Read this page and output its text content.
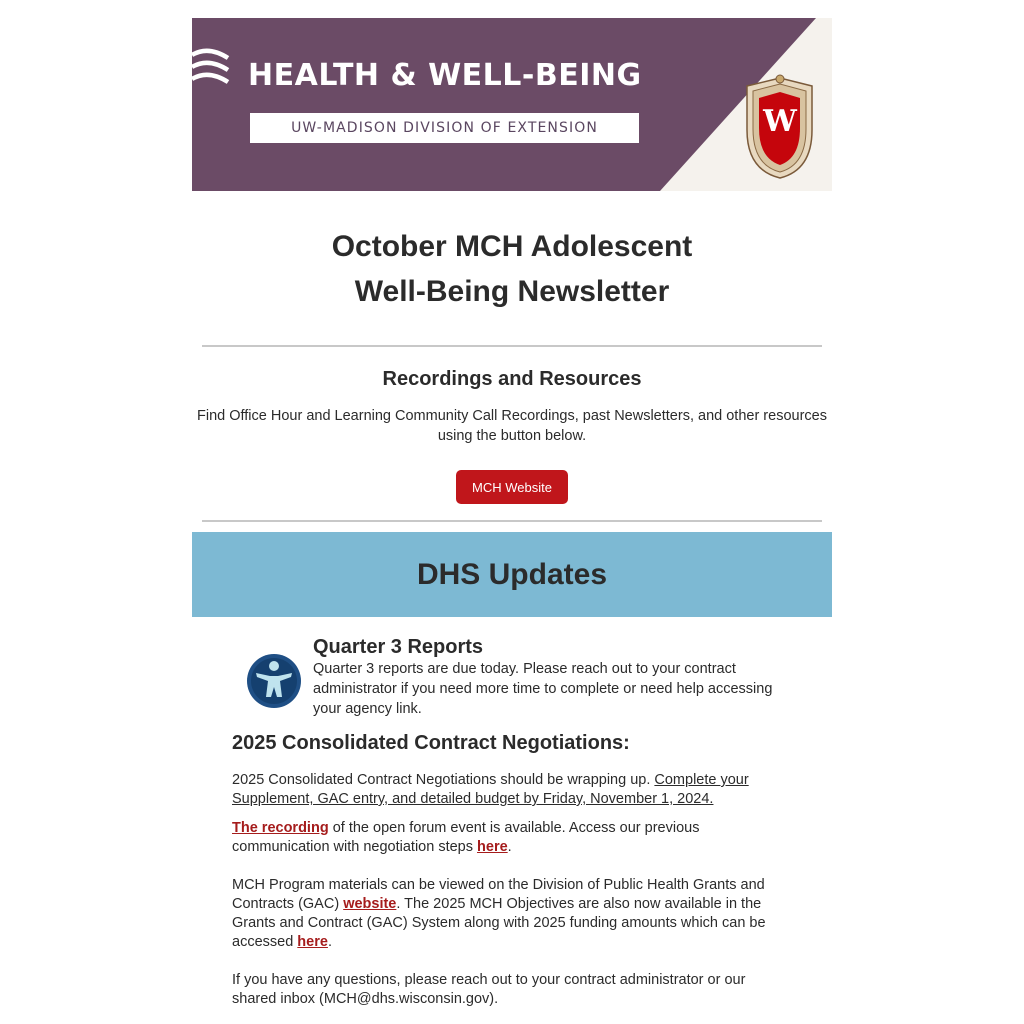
HEALTH & WELL-BEING
UW-MADISON DIVISION OF EXTENSION	W
October MCH Adolescent
Well-Being Newsletter
Recordings and Resources
Find Office Hour and Learning Community Call Recordings, past Newsletters, and other resources using the button below.
MCH Website
DHS Updates
Quarter 3 Reports
Quarter 3 reports are due today. Please reach out to your contract administrator if you need more time to complete or need help accessing your agency link.
2025 Consolidated Contract Negotiations:
2025 Consolidated Contract Negotiations should be wrapping up. Complete your Supplement, GAC entry, and detailed budget by Friday, November 1, 2024.
The recording of the open forum event is available. Access our previous communication with negotiation steps here.
MCH Program materials can be viewed on the Division of Public Health Grants and Contracts (GAC) website. The 2025 MCH Objectives are also now available in the Grants and Contract (GAC) System along with 2025 funding amounts which can be accessed here.
If you have any questions, please reach out to your contract administrator or our shared inbox (MCH@dhs.wisconsin.gov).
